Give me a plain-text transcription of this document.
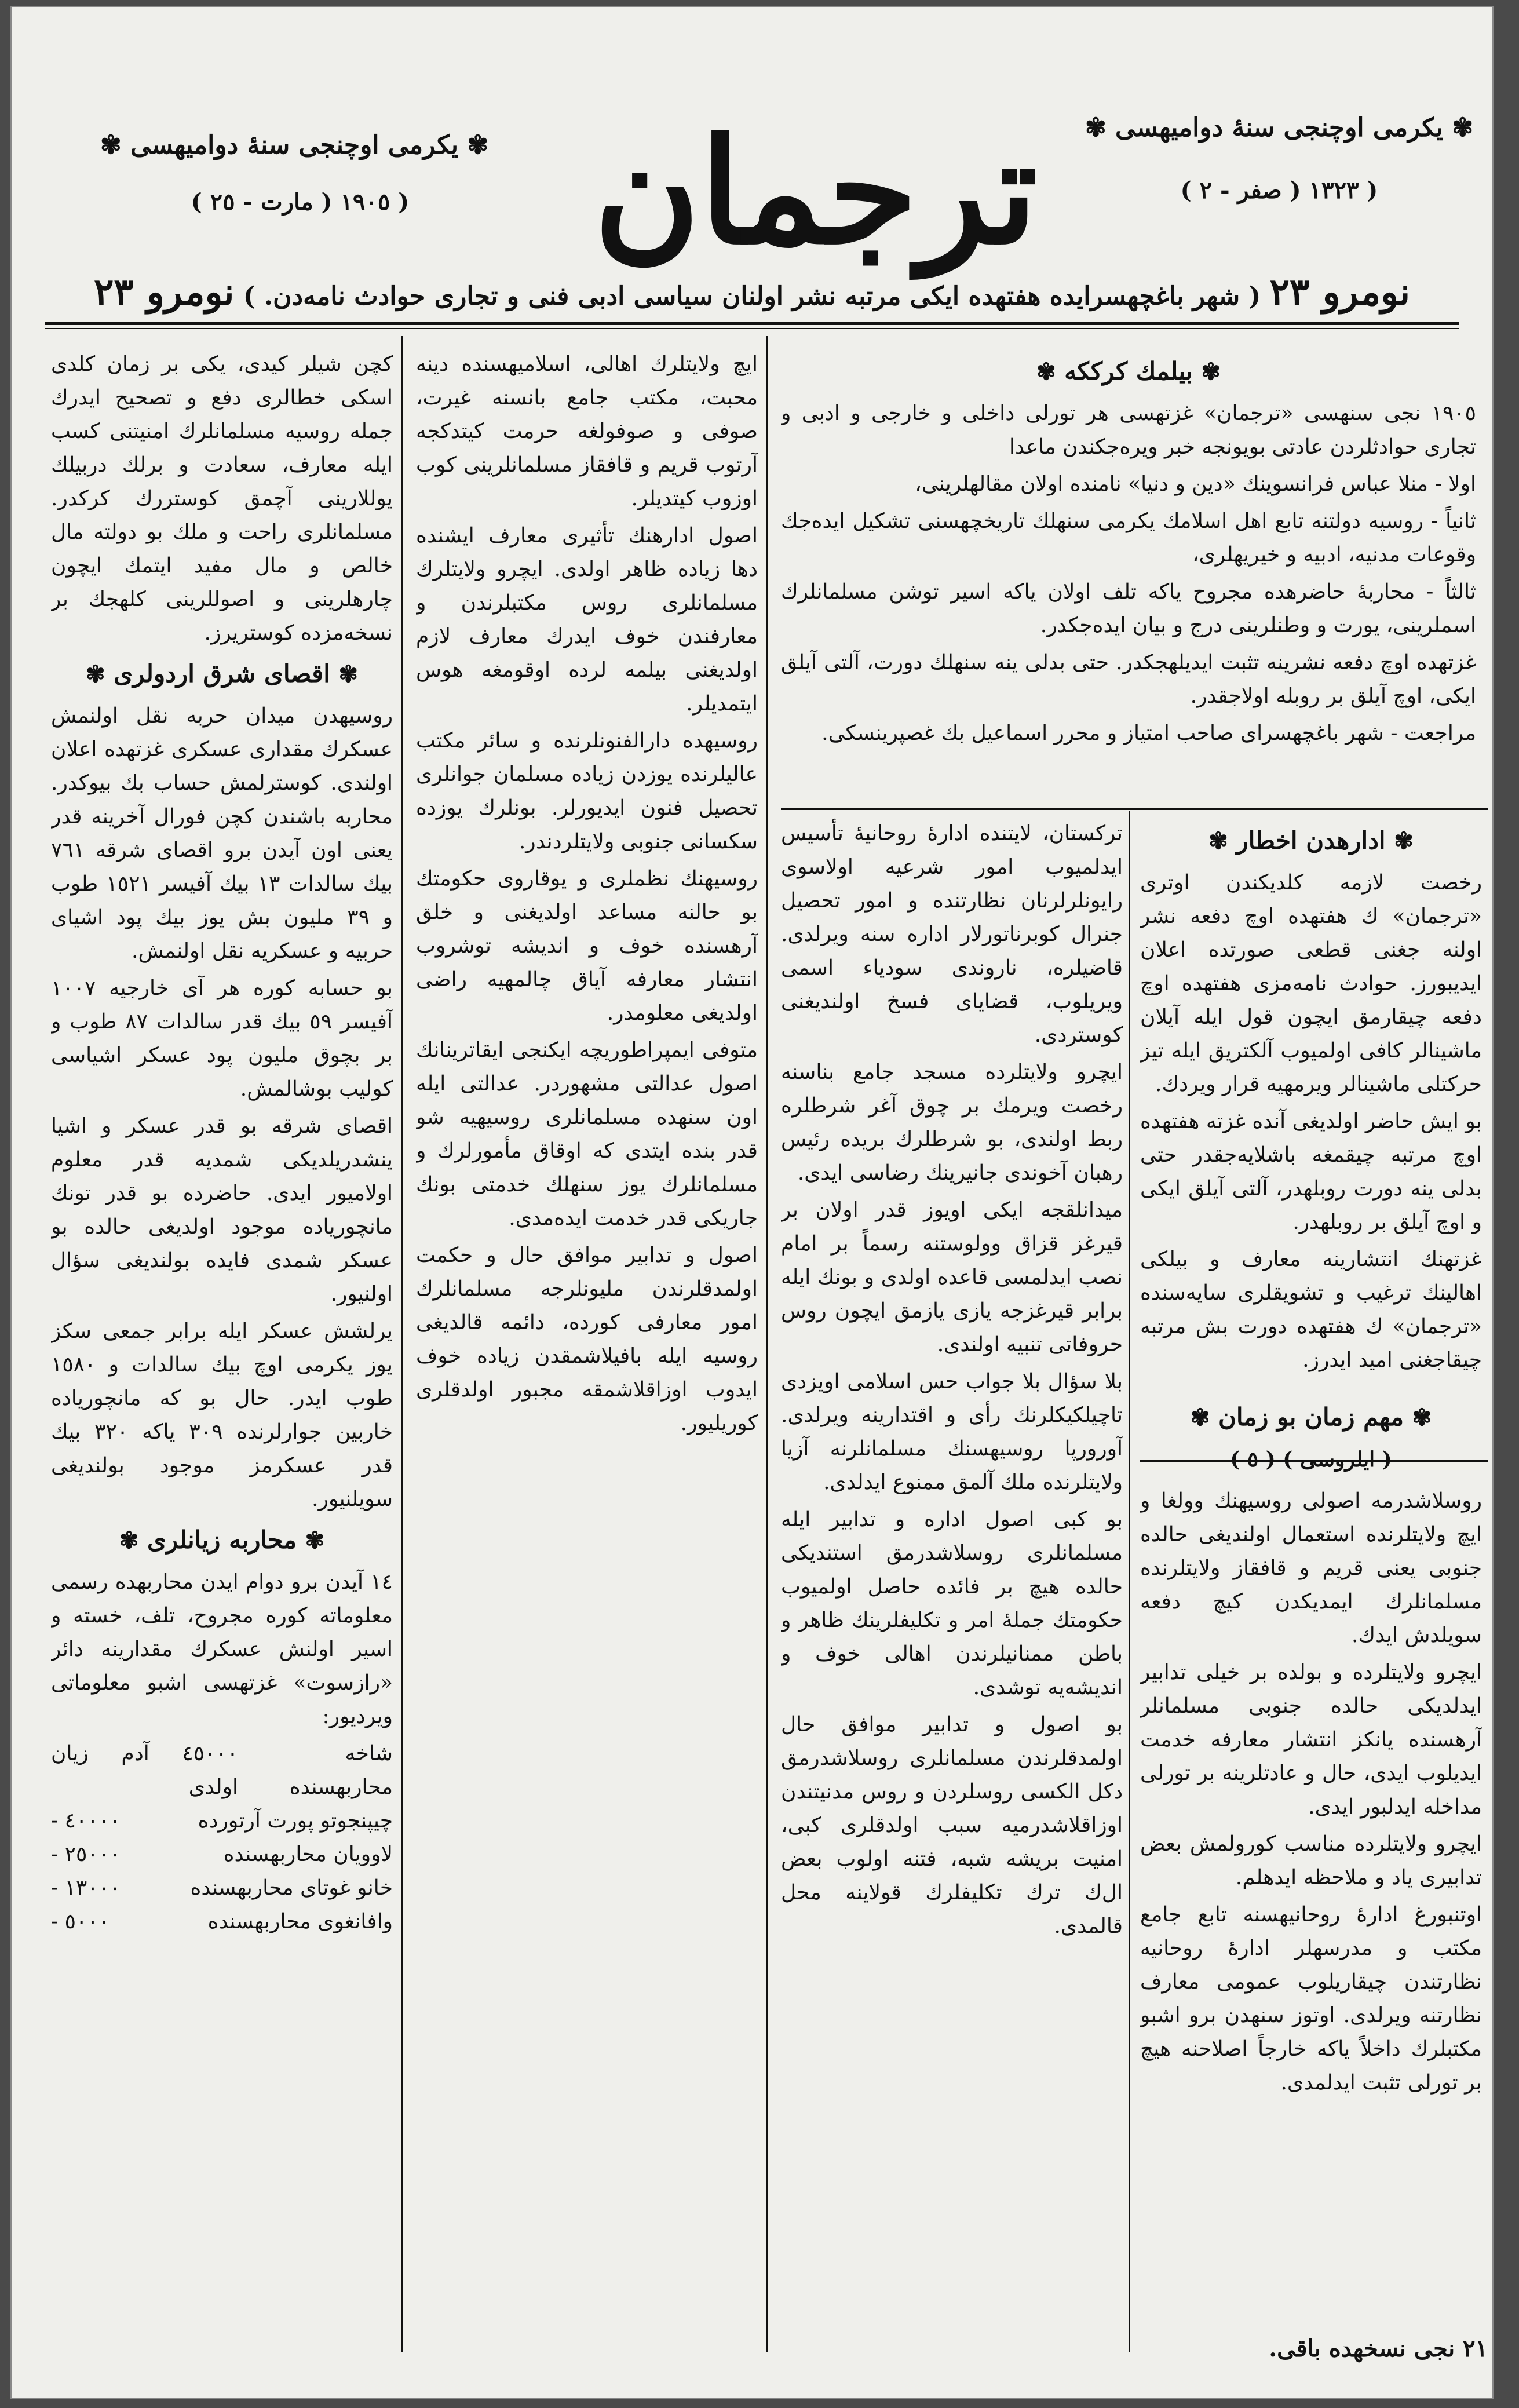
✾ يكرمی اوچنجی سنهٔ دوامیهسی ✾
( ١٣٢٣ ( صفر - ٢ )
✾ يكرمی اوچنجی سنهٔ دوامیهسی ✾
( ١٩٠٥ ( مارت - ٢٥ )	ترجمان
نومرو ٢٣ ( شهر باغچهسرايده هفتهده ايكی مرتبه نشر اولنان سياسی ادبی فنی و تجاری حوادث نامه‌دن. ) نومرو ٢٣
✾ بيلمك كرككه ✾

١٩٠٥ نجی سنهسی «ترجمان» غزتهسی هر تورلی داخلی و خارجی و ادبی و تجاری حوادثلردن عادتی بويونجه خبر ويره‌جكندن ماعدا

اولا - منلا عباس فرانسوينك «دين و دنيا» نامنده اولان مقالهلرينی،

ثانياً - روسيه دولتنه تابع اهل اسلامك يكرمی سنهلك تاريخچهسنی تشكيل ايده‌جك وقوعات مدنيه، ادبيه و خيريهلری،

ثالثاً - محاربهٔ حاضرهده مجروح ياكه تلف اولان ياكه اسير توشن مسلمانلرك اسملرينی، يورت و وطنلرينی درج و بيان ايده‌جكدر.

غزتهده اوچ دفعه نشرينه تثبت ايديلهجكدر. حتی بدلی ينه سنهلك دورت، آلتی آيلق ايكی، اوچ آيلق بر روبله اولاجقدر.

مراجعت - شهر باغچهسرای صاحب امتياز و محرر اسماعيل بك غصپرينسكی.

✾ ادارهدن اخطار ✾

رخصت لازمه كلديكندن اوتری «ترجمان» ك هفتهده اوچ دفعه نشر اولنه جغنی قطعی صورتده اعلان ايديبورز. حوادث نامه‌مزی هفتهده اوچ دفعه چيقارمق ايچون قول ايله آيلان ماشينالر كافی اولميوب آلكتريق ايله تيز حركتلی ماشينالر ويرمهيه قرار ويردك.

بو ايش حاضر اولديغی آنده غزته هفتهده اوچ مرتبه چيقمغه باشلايه‌جقدر حتی بدلی ينه دورت روبلهدر، آلتی آيلق ايكی و اوچ آيلق بر روبلهدر.

غزتهنك انتشارينه معارف و بيلكی اهالينك ترغيب و تشويقلری سايه‌سنده «ترجمان» ك هفتهده دورت بش مرتبه چيقاجغنی امید ايدرز.

✾ مهم زمان بو زمان ✾
( ايلروسی ) ( ٥ )

روسلاشدرمه اصولی روسيهنك وولغا و ايچ ولايتلرنده استعمال اولنديغی حالده جنوبی يعنی قريم و قافقاز ولايتلرنده مسلمانلرك ايمديكدن كيچ دفعه سويلدش ايدك.

ايچرو ولايتلرده و بولده بر خيلی تدابير ايدلديكی حالده جنوبی مسلمانلر آرهسنده يانكز انتشار معارفه خدمت ايديلوب ايدی، حال و عادتلرينه بر تورلی مداخله ايدلبور ايدی.

ايچرو ولايتلرده مناسب كورولمش بعض تدابيری ياد و ملاحظه ايدهلم.

اوتنبورغ ادارهٔ روحانيهسنه تابع جامع مكتب و مدرسهلر ادارهٔ روحانيه نظارتندن چيقاريلوب عمومی معارف نظارتنه ويرلدی. اوتوز سنهدن برو اشبو مكتبلرك داخلاً ياكه خارجاً اصلاحنه هيچ بر تورلی تثبت ايدلمدی.

تركستان، لايتنده ادارهٔ روحانيهٔ تأسيس ايدلميوب امور شرعيه اولاسوی رايونلرلرنان نظارتنده و امور تحصيل جنرال كوبرناتورلار اداره سنه ويرلدی. قاضيلره، ناروندی سودياء اسمی ويريلوب، قضايای فسخ اولنديغنی كوستردی.

ايچرو ولايتلرده مسجد جامع بناسنه رخصت ويرمك بر چوق آغر شرطلره ربط اولندی، بو شرطلرك بريده رئيس رهبان آخوندی جانيرينك رضاسی ايدی.

ميدانلقجه ايكی اويوز قدر اولان بر قيرغز قزاق وولوستنه رسماً بر امام نصب ايدلمسی قاعده اولدی و بونك ايله برابر قيرغزجه يازی يازمق ايچون روس حروفاتی تنبيه اولندی.

بلا سؤال بلا جواب حس اسلامی اويزدی تاچيلكيكلرنك رأی و اقتدارينه ويرلدی. آورورپا روسيهسنك مسلمانلرنه آزيا ولايتلرنده ملك آلمق ممنوع ايدلدی.

بو كبی اصول اداره و تدابير ايله مسلمانلری روسلاشدرمق استنديكی حالده هيچ بر فائده حاصل اولميوب حكومتك جملهٔ امر و تكليفلرينك ظاهر و باطن ممنانيلرندن اهالی خوف و انديشه‌يه توشدی.

بو اصول و تدابير موافق حال اولمدقلرندن مسلمانلری روسلاشدرمق دكل الكسی روسلردن و روس مدنيتندن اوزاقلاشدرميه سبب اولدقلری كبی، امنيت بريشه شبه، فتنه اولوب بعض ال‌ك ترك تكليفلرك قولاينه محل قالمدی.

ايچ ولايتلرك اهالی، اسلاميهسنده دينه محبت، مكتب جامع بانسنه غيرت، صوفی و صوفولغه حرمت كيتدكجه آرتوب قريم و قافقاز مسلمانلرينی كوب اوزوب كيتديلر.

اصول ادارهنك تأثيری معارف ايشنده دها زياده ظاهر اولدی. ايچرو ولايتلرك مسلمانلری روس مكتبلرندن و معارفندن خوف ايدرك معارف لازم اولديغنی بيلمه لرده اوقومغه هوس ايتمديلر.

روسيهده دارالفنونلرنده و سائر مكتب عالیلرنده يوزدن زياده مسلمان جوانلری تحصيل فنون ايديورلر. بونلرك يوزده سكسانی جنوبی ولايتلردندر.

روسيهنك نظملری و يوقاروی حكومتك بو حالنه مساعد اولديغنی و خلق آرهسنده خوف و انديشه توشروب انتشار معارفه آياق چالمهيه راضی اولديغی معلومدر.

متوفی ايمپراطوريچه ايكنجی ايقاترينانك اصول عدالتی مشهوردر. عدالتی ايله اون سنهده مسلمانلری روسيهيه شو قدر بنده ايتدی كه اوقاق مأمورلرك و مسلمانلرك يوز سنهلك خدمتی بونك جاريكی قدر خدمت ايده‌مدی.

اصول و تدابير موافق حال و حكمت اولمدقلرندن مليونلرجه مسلمانلرك امور معارفی كورده، دائمه قالديغی روسيه ايله بافيلاشمقدن زياده خوف ايدوب اوزاقلاشمقه مجبور اولدقلری كوريليور.

كچن شيلر كيدی، يكی بر زمان كلدی اسكی خطالری دفع و تصحيح ايدرك جمله روسيه مسلمانلرك امنيتنی كسب ايله معارف، سعادت و برلك دربيلك يوللارينی آچمق كوستررك كركدر. مسلمانلری راحت و ملك بو دولته مال خالص و مال مفيد ايتمك ايچون چارهلرينی و اصوللرينی كلهجك بر نسخه‌مزده كوستريرز.

✾ اقصای شرق اردولری ✾

روسيهدن ميدان حربه نقل اولنمش عسكرك مقداری عسكری غزتهده اعلان اولندی. كوسترلمش حساب بك بيوكدر. محاربه باشندن كچن فورال آخرينه قدر يعنی اون آيدن برو اقصای شرقه ٧٦١ بيك سالدات ١٣ بيك آفيسر ١٥٢١ طوب و ٣٩ مليون بش يوز بيك پود اشيای حربيه و عسكريه نقل اولنمش.

بو حسابه كوره هر آی خارجيه ١٠٠٧ آفيسر ٥٩ بيك قدر سالدات ٨٧ طوب و بر بچوق مليون پود عسكر اشياسی كوليب بوشالمش.

اقصای شرقه بو قدر عسكر و اشيا ينشدريلديكی شمديه قدر معلوم اولاميور ايدی. حاضرده بو قدر تونك مانچوريا‌ده موجود اولديغی حالده بو عسكر شمدی فايده بولنديغی سؤال اولنيور.

يرلشش عسكر ايله برابر جمعی سكز يوز يكرمی اوچ بيك سالدات و ١٥٨٠ طوب ايدر. حال بو كه مانچوريا‌ده خاربين جوارلرنده ٣٠٩ ياكه ٣٢٠ بيك قدر عسكرمز موجود بولنديغی سويلنيور.

✾ محاربه زيانلری ✾

١٤ آيدن برو دوام ايدن محاربهده رسمی معلوماته كوره مجروح، تلف، خسته و اسير اولنش عسكرك مقدارينه دائر «رازسوت» غزتهسی اشبو معلوماتی ويرديور:

شاخه محاربهسنده
٤٥٠٠٠ آدم زيان اولدی
چيپنجوتو پورت آرتورده
٤٠٠٠٠ -
لاوويان محاربهسنده
٢٥٠٠٠ -
خانو غوتاى محاربهسنده
١٣٠٠٠ -
وافانغوى محاربهسنده
٥٠٠٠ -
٢١ نجی نسخهده باقی.
